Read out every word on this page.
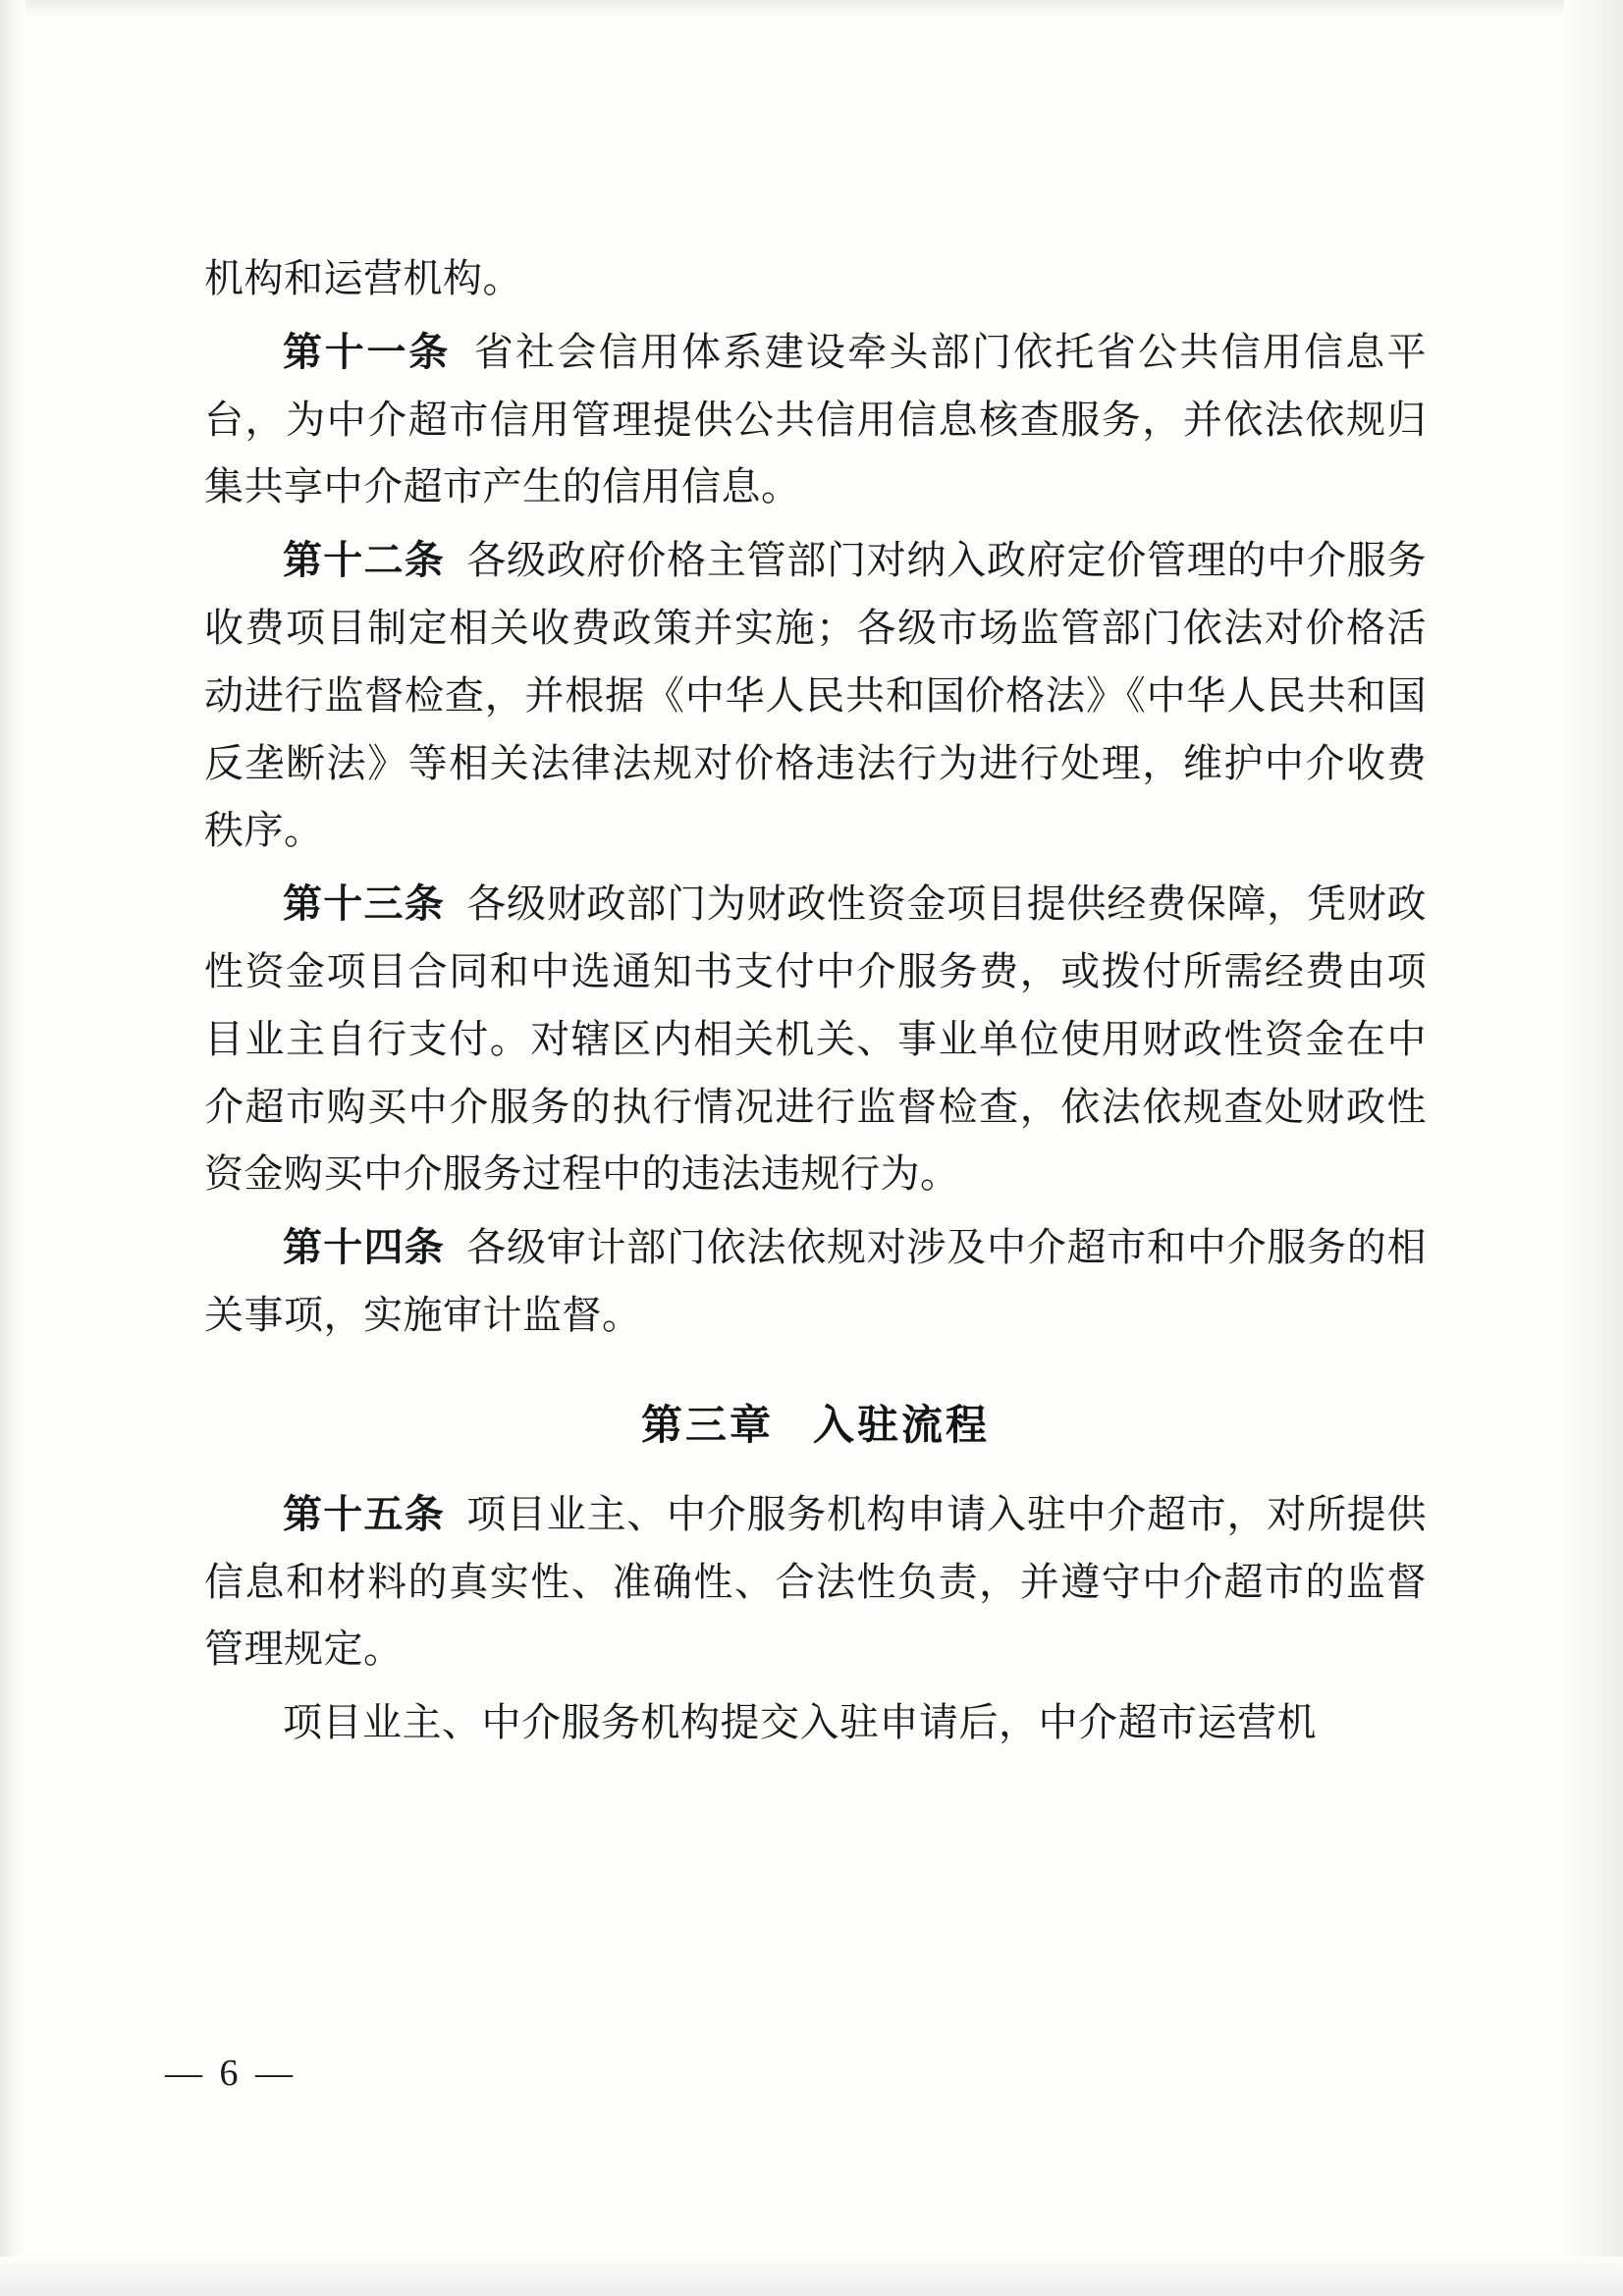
机构和运营机构。

第十一条 省社会信用体系建设牵头部门依托省公共信用信息平台，为中介超市信用管理提供公共信用信息核查服务，并依法依规归集共享中介超市产生的信用信息。

第十二条 各级政府价格主管部门对纳入政府定价管理的中介服务收费项目制定相关收费政策并实施；各级市场监管部门依法对价格活动进行监督检查，并根据《中华人民共和国价格法》《中华人民共和国反垄断法》等相关法律法规对价格违法行为进行处理，维护中介收费秩序。

第十三条 各级财政部门为财政性资金项目提供经费保障，凭财政性资金项目合同和中选通知书支付中介服务费，或拨付所需经费由项目业主自行支付。对辖区内相关机关、事业单位使用财政性资金在中介超市购买中介服务的执行情况进行监督检查，依法依规查处财政性资金购买中介服务过程中的违法违规行为。

第十四条 各级审计部门依法依规对涉及中介超市和中介服务的相关事项，实施审计监督。

第三章 入驻流程

第十五条 项目业主、中介服务机构申请入驻中介超市，对所提供信息和材料的真实性、准确性、合法性负责，并遵守中介超市的监督管理规定。

项目业主、中介服务机构提交入驻申请后，中介超市运营机

— 6 —
